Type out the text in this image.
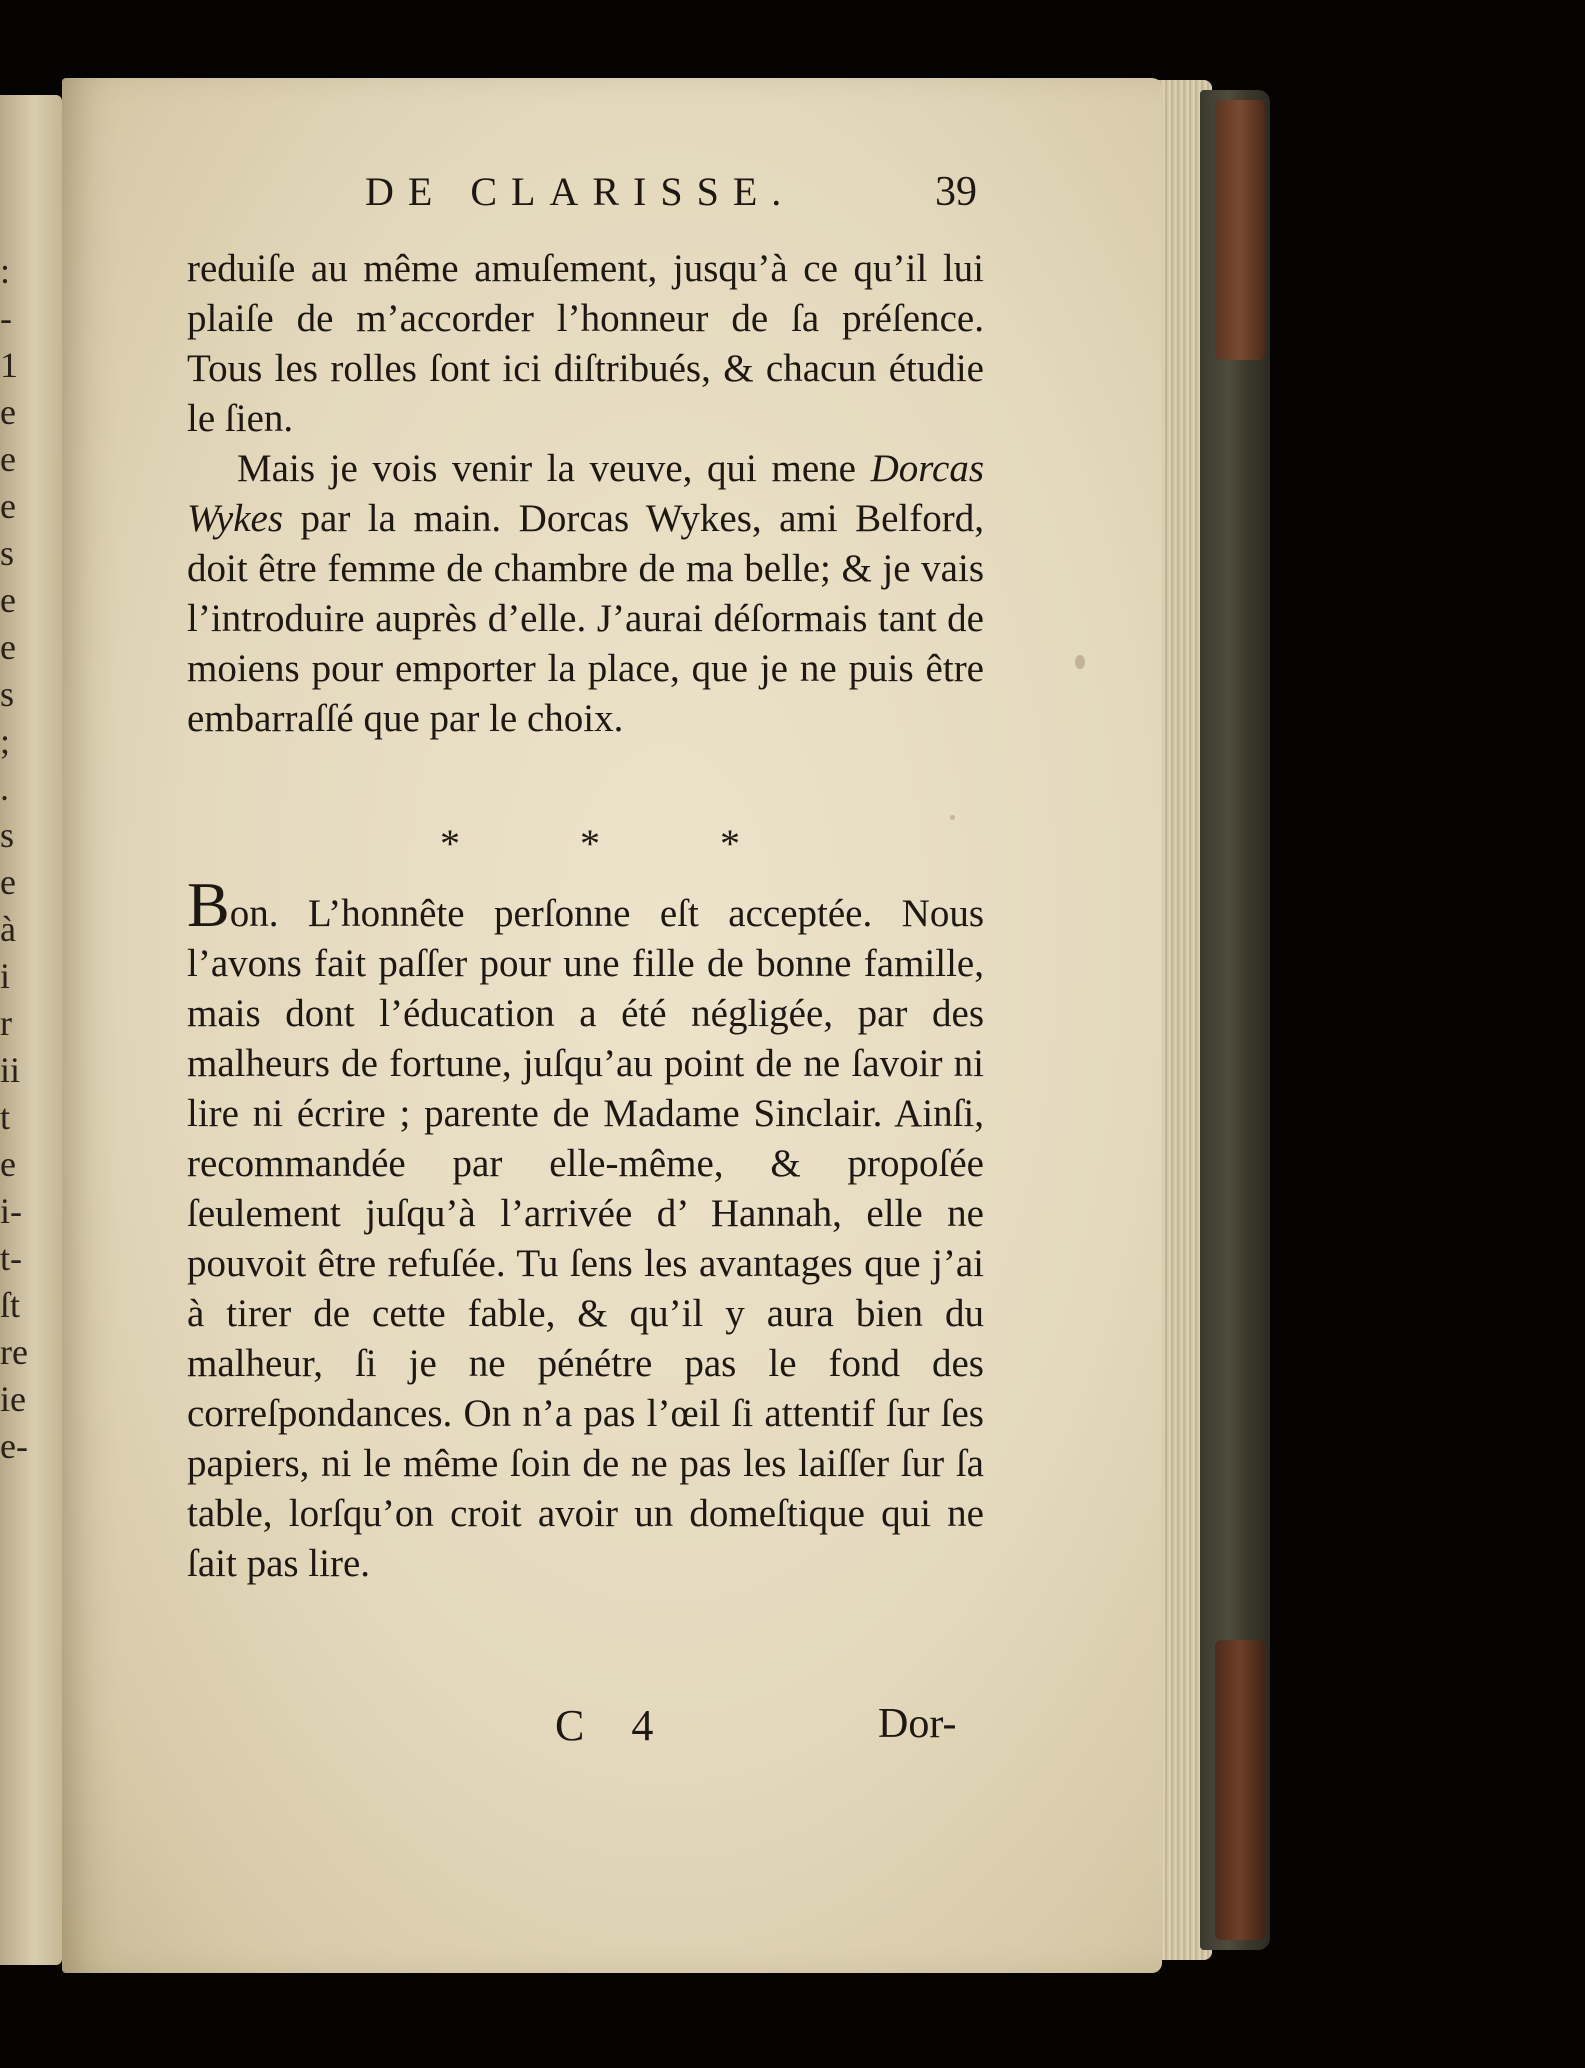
:
-
1
e
e
e
s
e
e
s
;
.
s
e
à
i
r
ii
t
e
i-
t-
ſt
re
ie
e-
DE CLARISSE.	39

reduiſe au même amuſement, jusqu’à ce qu’il lui plaiſe de m’accorder l’honneur de ſa préſence. Tous les rolles ſont ici diſtribués, & chacun étudie le ſien.

Mais je vois venir la veuve, qui mene Dorcas Wykes par la main. Dorcas Wykes, ami Belford, doit être femme de chambre de ma belle; & je vais l’introduire auprès d’elle. J’aurai déſormais tant de moiens pour emporter la place, que je ne puis être embarraſſé que par le choix.

*	*	*

Bon. L’honnête perſonne eſt acceptée. Nous l’avons fait paſſer pour une fille de bonne famille, mais dont l’éducation a été négligée, par des malheurs de fortune, juſqu’au point de ne ſavoir ni lire ni écrire ; parente de Madame Sinclair. Ainſi, recommandée par elle-même, & propoſée ſeulement juſqu’à l’arrivée d’ Hannah, elle ne pouvoit être refuſée. Tu ſens les avantages que j’ai à tirer de cette fable, & qu’il y aura bien du malheur, ſi je ne pénétre pas le fond des correſpondances. On n’a pas l’œil ſi attentif ſur ſes papiers, ni le même ſoin de ne pas les laiſſer ſur ſa table, lorſqu’on croit avoir un domeſtique qui ne ſait pas lire.

C 4	Dor-
